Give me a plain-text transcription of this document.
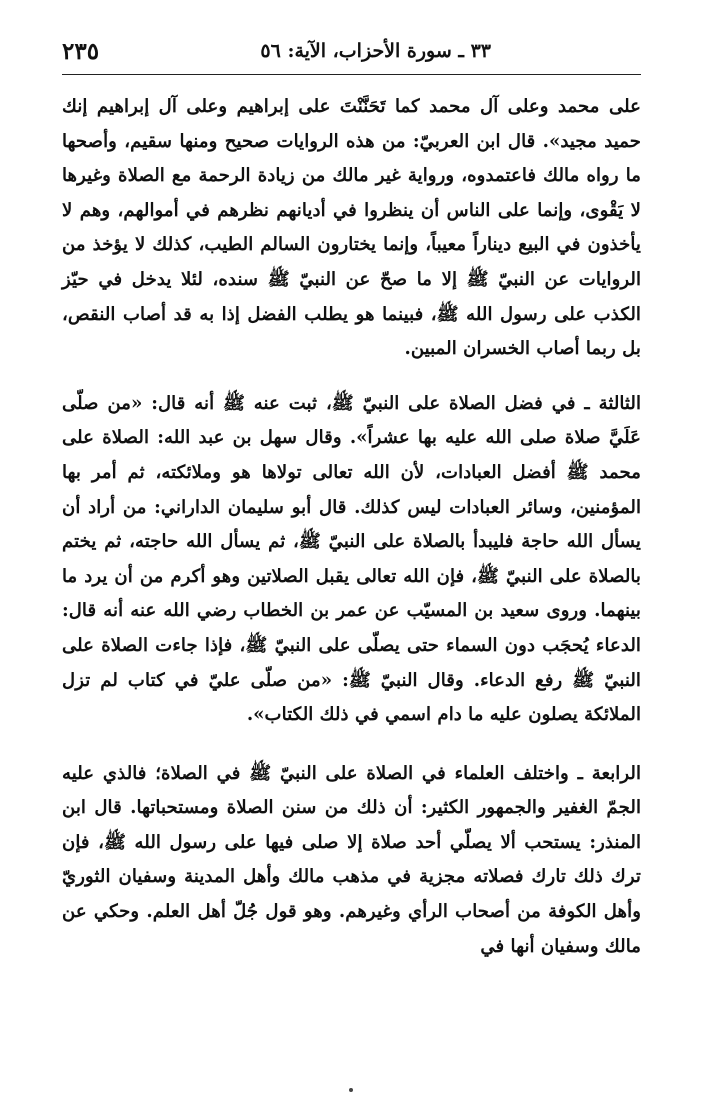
٣٣ ـ سورة الأحزاب، الآية: ٥٦
٢٣٥

على محمد وعلى آل محمد كما تَحَنَّنْتَ على إبراهيم وعلى آل إبراهيم إنك حميد مجيد». قال ابن العربيّ: من هذه الروايات صحيح ومنها سقيم، وأصحها ما رواه مالك فاعتمدوه، ورواية غير مالك من زيادة الرحمة مع الصلاة وغيرها لا يَقْوى، وإنما على الناس أن ينظروا في أديانهم نظرهم في أموالهم، وهم لا يأخذون في البيع ديناراً معيباً، وإنما يختارون السالم الطيب، كذلك لا يؤخذ من الروايات عن النبيّ ﷺ إلا ما صحّ عن النبيّ ﷺ سنده، لئلا يدخل في حيّز الكذب على رسول الله ﷺ، فبينما هو يطلب الفضل إذا به قد أصاب النقص، بل ربما أصاب الخسران المبين.

الثالثة ـ في فضل الصلاة على النبيّ ﷺ، ثبت عنه ﷺ أنه قال: «من صلّى عَلَيَّ صلاة صلى الله عليه بها عشراً». وقال سهل بن عبد الله: الصلاة على محمد ﷺ أفضل العبادات، لأن الله تعالى تولاها هو وملائكته، ثم أمر بها المؤمنين، وسائر العبادات ليس كذلك. قال أبو سليمان الداراني: من أراد أن يسأل الله حاجة فليبدأ بالصلاة على النبيّ ﷺ، ثم يسأل الله حاجته، ثم يختم بالصلاة على النبيّ ﷺ، فإن الله تعالى يقبل الصلاتين وهو أكرم من أن يرد ما بينهما. وروى سعيد بن المسيّب عن عمر بن الخطاب رضي الله عنه أنه قال: الدعاء يُحجَب دون السماء حتى يصلّى على النبيّ ﷺ، فإذا جاءت الصلاة على النبيّ ﷺ رفع الدعاء. وقال النبيّ ﷺ: «من صلّى عليّ في كتاب لم تزل الملائكة يصلون عليه ما دام اسمي في ذلك الكتاب».

الرابعة ـ واختلف العلماء في الصلاة على النبيّ ﷺ في الصلاة؛ فالذي عليه الجمّ الغفير والجمهور الكثير: أن ذلك من سنن الصلاة ومستحباتها. قال ابن المنذر: يستحب ألا يصلّي أحد صلاة إلا صلى فيها على رسول الله ﷺ، فإن ترك ذلك تارك فصلاته مجزية في مذهب مالك وأهل المدينة وسفيان الثوريّ وأهل الكوفة من أصحاب الرأي وغيرهم. وهو قول جُلّ أهل العلم. وحكي عن مالك وسفيان أنها في
